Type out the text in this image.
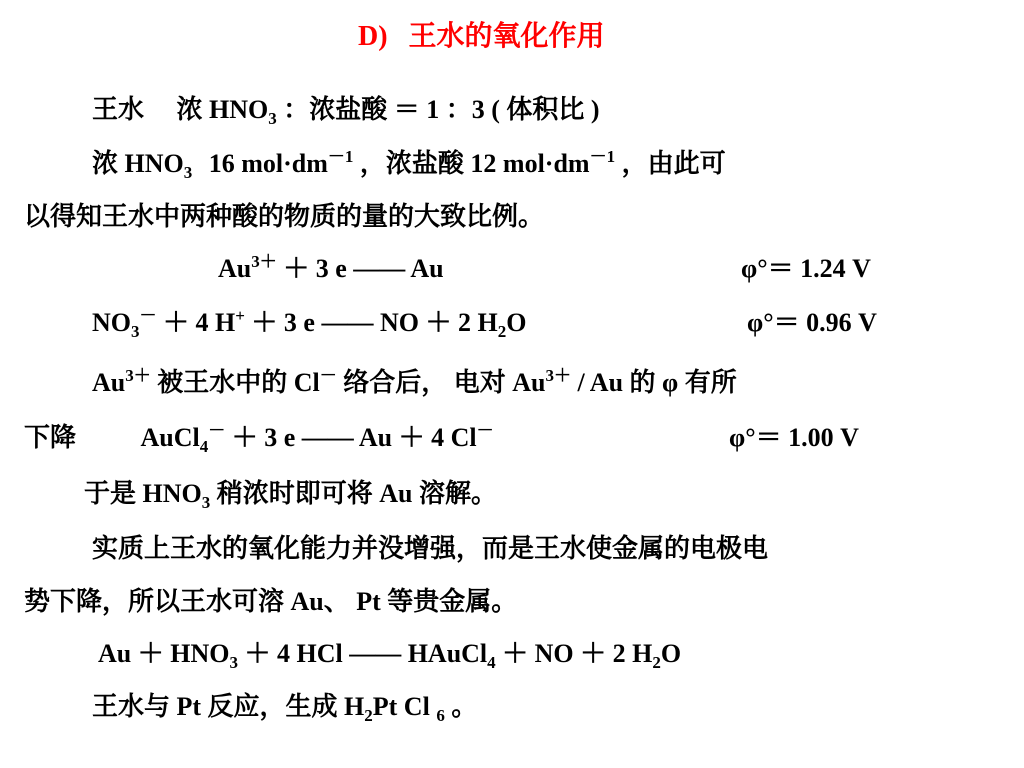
D) 王水的氧化作用
王水 浓 $HNO_3$ ：浓盐酸 ＝ 1 ：3 ( 体积比 )
浓 $HNO_3$ 16 $mol\cdot dm^{-1}$ ，浓盐酸 12 $mol\cdot dm^{-1}$ ，由此可
以得知王水中两种酸的物质的量的大致比例。
$Au^{3+} + 3$ e —— Au	φ°＝ 1.24 V
$NO_3^- + 4$ H+ ＋ 3 e —— NO ＋ 2 $H_2O$	φ°＝ 0.96 V
$Au^{3+}$ 被王水中的 Cl－ 络合后， 电对 $Au^{3+}$ / Au 的 φ 有所
下降 AuCl$_4$－ ＋ 3 e —— Au ＋ 4 Cl－	φ°＝ 1.00 V
于是 $HNO_3$ 稍浓时即可将 Au 溶解。
实质上王水的氧化能力并没增强，而是王水使金属的电极电
势下降，所以王水可溶 Au、 Pt 等贵金属。
$Au + HNO_3 + 4$ HCl —— HAuCl$_4$ ＋ NO ＋ 2 $H_2O$
王水与 Pt 反应，生成 $H_2Pt$ Cl $_6$ 。
